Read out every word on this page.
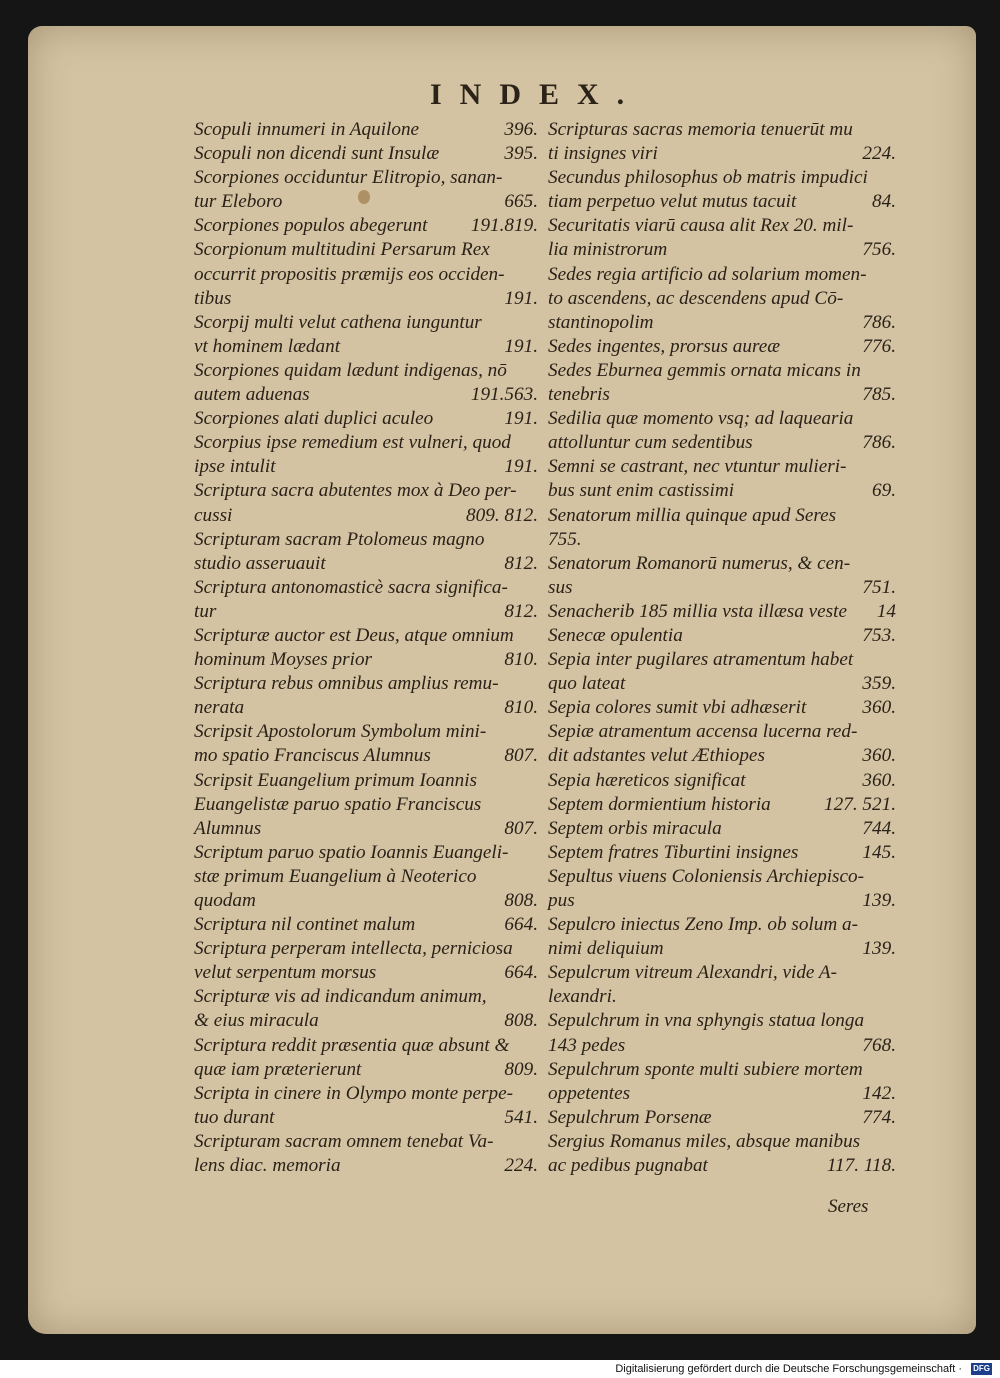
INDEX.
Scopuli innumeri in Aquilone	396.
Scopuli non dicendi sunt Insulæ	395.
Scorpiones occiduntur Elitropio, sanan-
tur Eleboro	665.
Scorpiones populos abegerunt	191.819.
Scorpionum multitudini Persarum Rex
occurrit propositis præmijs eos occiden-
tibus	191.
Scorpij multi velut cathena iunguntur
vt hominem lædant	191.
Scorpiones quidam lædunt indigenas, nō
autem aduenas	191.563.
Scorpiones alati duplici aculeo	191.
Scorpius ipse remedium est vulneri, quod
ipse intulit	191.
Scriptura sacra abutentes mox à Deo per-
cussi	809. 812.
Scripturam sacram Ptolomeus magno
studio asseruauit	812.
Scriptura antonomasticè sacra significa-
tur	812.
Scripturæ auctor est Deus, atque omnium
hominum Moyses prior	810.
Scriptura rebus omnibus amplius remu-
nerata	810.
Scripsit Apostolorum Symbolum mini-
mo spatio Franciscus Alumnus	807.
Scripsit Euangelium primum Ioannis
Euangelistæ paruo spatio Franciscus
Alumnus	807.
Scriptum paruo spatio Ioannis Euangeli-
stæ primum Euangelium à Neoterico
quodam	808.
Scriptura nil continet malum	664.
Scriptura perperam intellecta, perniciosa
velut serpentum morsus	664.
Scripturæ vis ad indicandum animum,
& eius miracula	808.
Scriptura reddit præsentia quæ absunt &
quæ iam præterierunt	809.
Scripta in cinere in Olympo monte perpe-
tuo durant	541.
Scripturam sacram omnem tenebat Va-
lens diac. memoria	224.
Scripturas sacras memoria tenuerūt mu
ti insignes viri	224.
Secundus philosophus ob matris impudici
tiam perpetuo velut mutus tacuit	84.
Securitatis viarū causa alit Rex 20. mil-
lia ministrorum	756.
Sedes regia artificio ad solarium momen-
to ascendens, ac descendens apud Cō-
stantinopolim	786.
Sedes ingentes, prorsus aureæ	776.
Sedes Eburnea gemmis ornata micans in
tenebris	785.
Sedilia quæ momento vsq; ad laquearia
attolluntur cum sedentibus	786.
Semni se castrant, nec vtuntur mulieri-
bus sunt enim castissimi	69.
Senatorum millia quinque apud Seres
755.
Senatorum Romanorū numerus, & cen-
sus	751.
Senacherib 185 millia vsta illæsa veste	14
Senecæ opulentia	753.
Sepia inter pugilares atramentum habet
quo lateat	359.
Sepia colores sumit vbi adhæserit	360.
Sepiæ atramentum accensa lucerna red-
dit adstantes velut Æthiopes	360.
Sepia hæreticos significat	360.
Septem dormientium historia	127. 521.
Septem orbis miracula	744.
Septem fratres Tiburtini insignes	145.
Sepultus viuens Coloniensis Archiepisco-
pus	139.
Sepulcro iniectus Zeno Imp. ob solum a-
nimi deliquium	139.
Sepulcrum vitreum Alexandri, vide A-
lexandri.
Sepulchrum in vna sphyngis statua longa
143 pedes	768.
Sepulchrum sponte multi subiere mortem
oppetentes	142.
Sepulchrum Porsenæ	774.
Sergius Romanus miles, absque manibus
ac pedibus pugnabat	117. 118.
Seres
Digitalisierung gefördert durch die Deutsche Forschungsgemeinschaft · DFG
